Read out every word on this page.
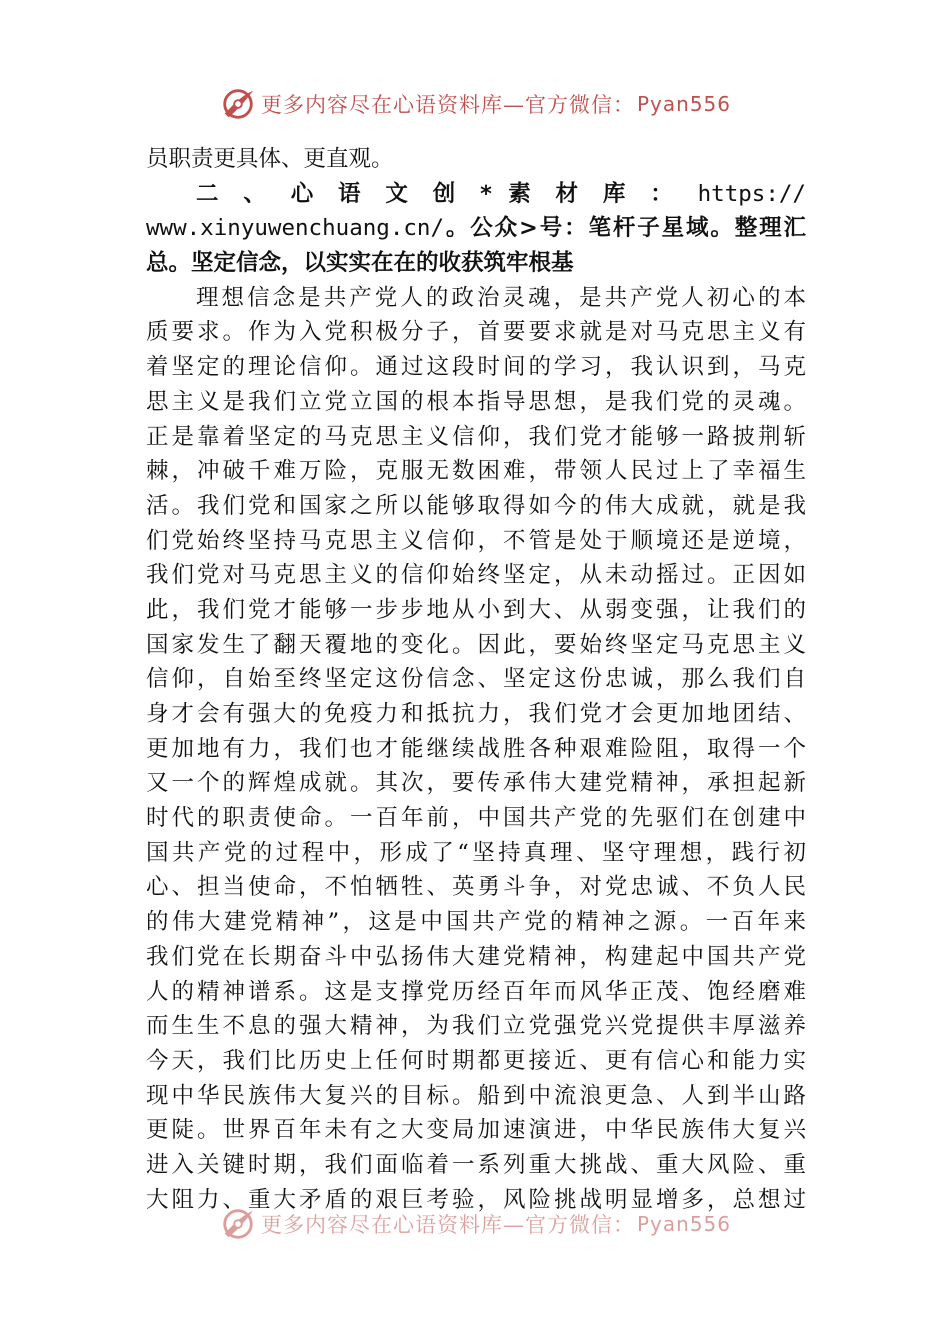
更多内容尽在心语资料库—官方微信： Pyan556
员职责更具体、更直观。
二 、 心 语 文 创 * 素 材 库 ： https://
www.xinyuwenchuang.cn/。公众>号：笔杆子星域。整理汇
总。坚定信念，以实实在在的收获筑牢根基
理想信念是共产党人的政治灵魂，是共产党人初心的本
质要求。作为入党积极分子，首要要求就是对马克思主义有
着坚定的理论信仰。通过这段时间的学习，我认识到，马克
思主义是我们立党立国的根本指导思想，是我们党的灵魂。
正是靠着坚定的马克思主义信仰，我们党才能够一路披荆斩
棘，冲破千难万险，克服无数困难，带领人民过上了幸福生
活。我们党和国家之所以能够取得如今的伟大成就，就是我
们党始终坚持马克思主义信仰，不管是处于顺境还是逆境，
我们党对马克思主义的信仰始终坚定，从未动摇过。正因如
此，我们党才能够一步步地从小到大、从弱变强，让我们的
国家发生了翻天覆地的变化。因此，要始终坚定马克思主义
信仰，自始至终坚定这份信念、坚定这份忠诚，那么我们自
身才会有强大的免疫力和抵抗力，我们党才会更加地团结、
更加地有力，我们也才能继续战胜各种艰难险阻，取得一个
又一个的辉煌成就。其次，要传承伟大建党精神，承担起新
时代的职责使命。一百年前，中国共产党的先驱们在创建中
国共产党的过程中，形成了“坚持真理、坚守理想，践行初
心、担当使命，不怕牺牲、英勇斗争，对党忠诚、不负人民
的伟大建党精神”，这是中国共产党的精神之源。一百年来
我们党在长期奋斗中弘扬伟大建党精神，构建起中国共产党
人的精神谱系。这是支撑党历经百年而风华正茂、饱经磨难
而生生不息的强大精神，为我们立党强党兴党提供丰厚滋养
今天，我们比历史上任何时期都更接近、更有信心和能力实
现中华民族伟大复兴的目标。船到中流浪更急、人到半山路
更陡。世界百年未有之大变局加速演进，中华民族伟大复兴
进入关键时期，我们面临着一系列重大挑战、重大风险、重
大阻力、重大矛盾的艰巨考验，风险挑战明显增多，总想过
更多内容尽在心语资料库—官方微信： Pyan556
